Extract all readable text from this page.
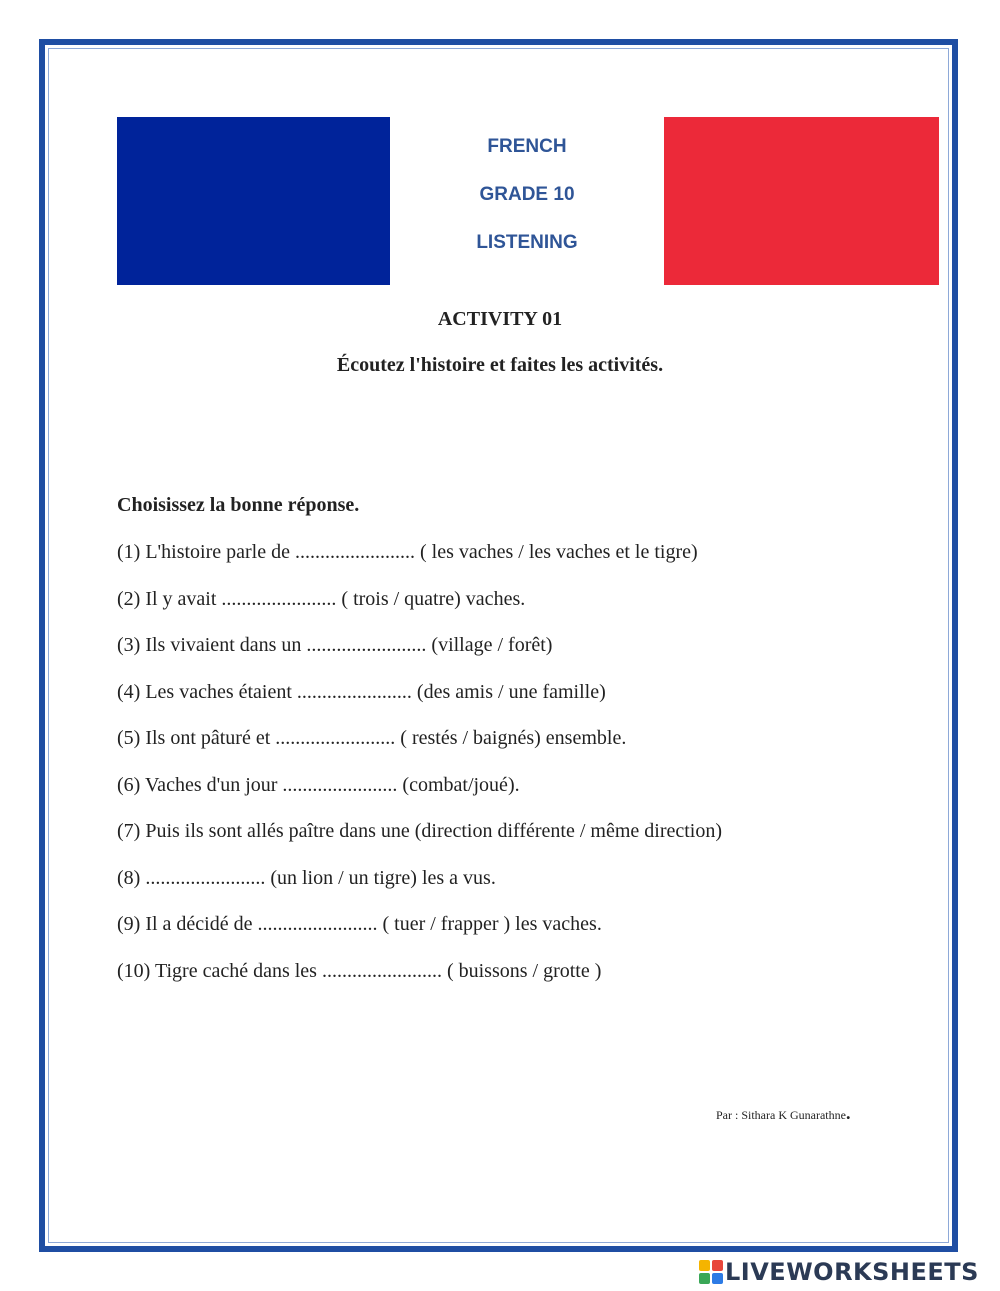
FRENCH
GRADE 10
LISTENING
ACTIVITY 01
Écoutez l'histoire et faites les activités.
Choisissez la bonne réponse.
(1) L'histoire parle de ........................ ( les vaches / les vaches et le tigre)
(2) Il y avait ....................... ( trois / quatre) vaches.
(3) Ils vivaient dans un ........................ (village / forêt)
(4) Les vaches étaient ....................... (des amis / une famille)
(5) Ils ont pâturé et ........................ ( restés / baignés) ensemble.
(6) Vaches d'un jour ....................... (combat/joué).
(7) Puis ils sont allés paître dans une (direction différente / même direction)
(8) ........................ (un lion / un tigre) les a vus.
(9) Il a décidé de ........................ ( tuer / frapper ) les vaches.
(10) Tigre caché dans les ........................ ( buissons / grotte )
Par : Sithara K Gunarathne.
LIVEWORKSHEETS
